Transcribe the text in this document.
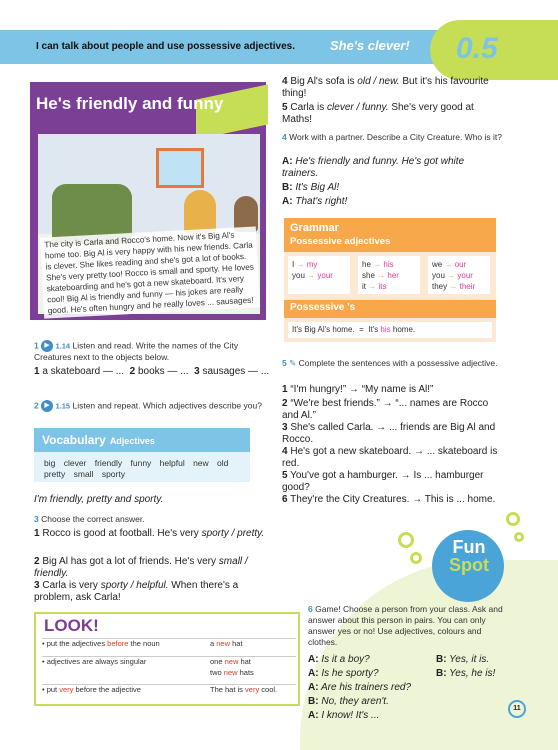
I can talk about people and use possessive adjectives.	She's clever! 0.5
He's friendly and funny
The city is Carla and Rocco's home. Now it's Big Al's home too. Big Al is very happy with his new friends. Carla is clever. She likes reading and she's got a lot of books. She's very pretty too! Rocco is small and sporty. He loves skateboarding and he's got a new skateboard. It's very cool! Big Al is friendly and funny — his jokes are really good. He's often hungry and he really loves ... sausages!
1 ▶ 1.14 Listen and read. Write the names of the City Creatures next to the objects below.
1 a skateboard — ... 2 books — ... 3 sausages — ...
2 ▶ 1.15 Listen and repeat. Which adjectives describe you?
Vocabulary Adjectives
big clever friendly funny helpful new old pretty small sporty
I'm friendly, pretty and sporty.
3 Choose the correct answer.
1 Rocco is good at football. He's very sporty / pretty.
2 Big Al has got a lot of friends. He's very small / friendly.
3 Carla is very sporty / helpful. When there's a problem, ask Carla!
LOOK!
• put the adjectives before the noun	a new hat
• adjectives are always singular	one new hat
two new hats
• put very before the adjective	The hat is very cool.
4 Big Al's sofa is old / new. But it's his favourite thing!
5 Carla is clever / funny. She's very good at Maths!
4 Work with a partner. Describe a City Creature. Who is it?
A: He's friendly and funny. He's got white trainers.
B: It's Big Al!
A: That's right!
Grammar
Possessive adjectives
I → my
you → your
he → his
she → her
it → its
we → our
you → your
they → their
Possessive 's
It's Big Al's home. = It's his home.
5 ✎ Complete the sentences with a possessive adjective.
1 “I'm hungry!” → “My name is Al!”
2 “We're best friends.” → “... names are Rocco and Al.”
3 She's called Carla. → ... friends are Big Al and Rocco.
4 He's got a new skateboard. → ... skateboard is red.
5 You've got a hamburger. → Is ... hamburger good?
6 They're the City Creatures. → This is ... home.
Fun
Spot
6 Game! Choose a person from your class. Ask and answer about this person in pairs. You can only answer yes or no! Use adjectives, colours and clothes.
A: Is it a boy?	B: Yes, it is.
A: Is he sporty?	B: Yes, he is!
A: Are his trainers red?
B: No, they aren't.
A: I know! It's ...
11
